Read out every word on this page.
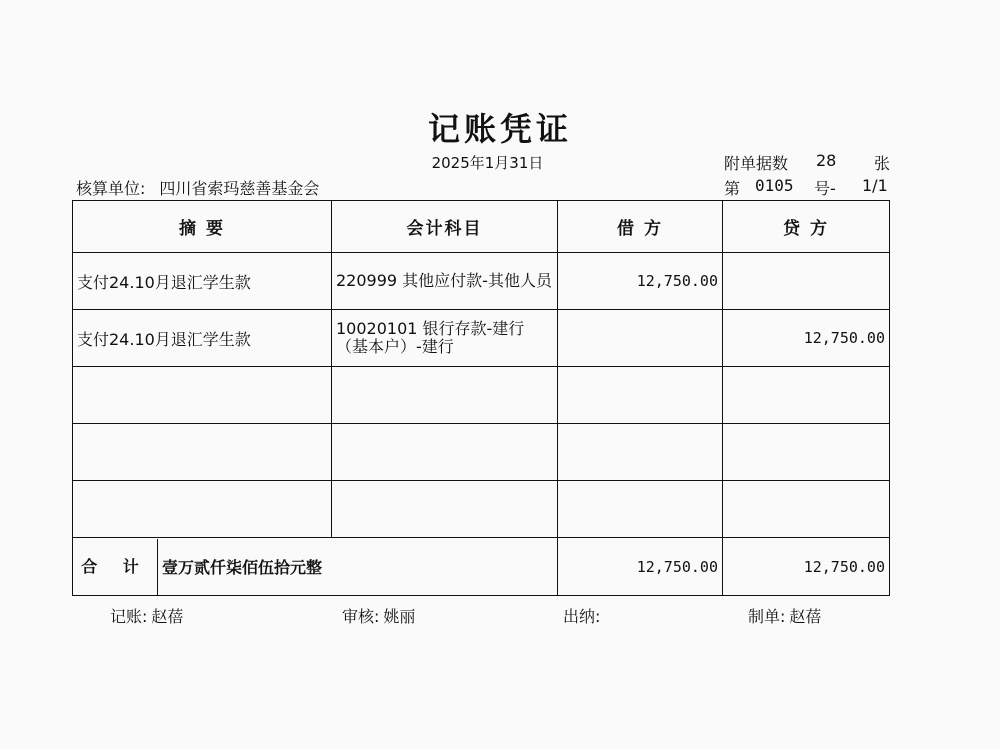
记账凭证
2025年1月31日	附单据数 28 张
核算单位: 四川省索玛慈善基金会	第 0105 号- 1/1
摘 要	会计科目	借 方	贷 方
支付24.10月退汇学生款	220999 其他应付款-其他人员	12,750.00	
支付24.10月退汇学生款	10020101 银行存款-建行（基本户）-建行		12,750.00

合 计 壹万贰仟柒佰伍拾元整		12,750.00	12,750.00
记账: 赵蓓	审核: 姚丽	出纳:	制单: 赵蓓
